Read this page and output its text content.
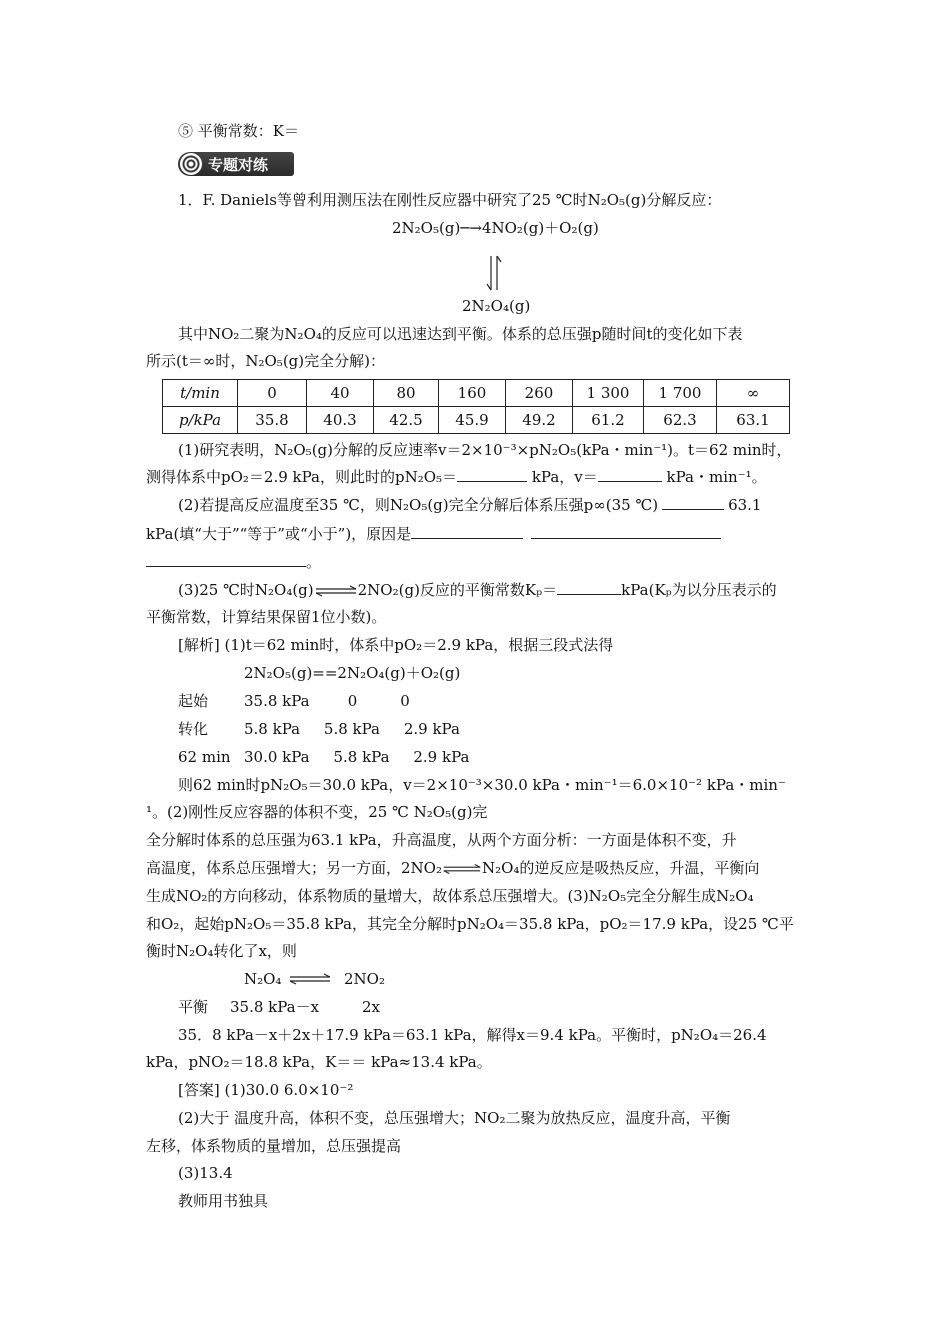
⑤ 平衡常数：K＝
专题对练
1．F. Daniels等曾利用测压法在刚性反应器中研究了25 ℃时N₂O₅(g)分解反应：
2N₂O₅(g)─→4NO₂(g)＋O₂(g)
2N₂O₄(g)
其中NO₂二聚为N₂O₄的反应可以迅速达到平衡。体系的总压强p随时间t的变化如下表
所示(t＝∞时，N₂O₅(g)完全分解)：
t/min	0	40	80	160	260	1 300	1 700	∞
p/kPa	35.8	40.3	42.5	45.9	49.2	61.2	62.3	63.1
(1)研究表明，N₂O₅(g)分解的反应速率v＝2×10⁻³×pN₂O₅(kPa・min⁻¹)。t＝62 min时，
测得体系中pO₂＝2.9 kPa，则此时的pN₂O₅＝	kPa，v＝	kPa・min⁻¹。
(2)若提高反应温度至35 ℃，则N₂O₅(g)完全分解后体系压强p∞(35 ℃)	63.1
kPa(填“大于”“等于”或“小于”)，原因是
。
(3)25 ℃时N₂O₄(g)⇌2NO₂(g)反应的平衡常数Kₚ＝	kPa(Kₚ为以分压表示的
平衡常数，计算结果保留1位小数)。
[解析] (1)t＝62 min时，体系中pO₂＝2.9 kPa，根据三段式法得
2N₂O₅(g)==2N₂O₄(g)＋O₂(g)
起始 35.8 kPa        0         0
转化 5.8 kPa     5.8 kPa     2.9 kPa
62 min 30.0 kPa     5.8 kPa     2.9 kPa
则62 min时pN₂O₅＝30.0 kPa，v＝2×10⁻³×30.0 kPa・min⁻¹＝6.0×10⁻² kPa・min⁻
¹。(2)刚性反应容器的体积不变，25 ℃ N₂O₅(g)完
全分解时体系的总压强为63.1 kPa，升高温度，从两个方面分析：一方面是体积不变，升
高温度，体系总压强增大；另一方面，2NO₂⇌N₂O₄的逆反应是吸热反应，升温，平衡向
生成NO₂的方向移动，体系物质的量增大，故体系总压强增大。(3)N₂O₅完全分解生成N₂O₄
和O₂，起始pN₂O₅＝35.8 kPa，其完全分解时pN₂O₄＝35.8 kPa，pO₂＝17.9 kPa，设25 ℃平
衡时N₂O₄转化了x，则
N₂O₄ ⇌ 2NO₂
平衡 35.8 kPa－x         2x
35．8 kPa－x＋2x＋17.9 kPa＝63.1 kPa，解得x＝9.4 kPa。平衡时，pN₂O₄＝26.4
kPa，pNO₂＝18.8 kPa，K＝＝ kPa≈13.4 kPa。
[答案] (1)30.0 6.0×10⁻²
(2)大于 温度升高，体积不变，总压强增大；NO₂二聚为放热反应，温度升高，平衡
左移，体系物质的量增加，总压强提高
(3)13.4
教师用书独具
